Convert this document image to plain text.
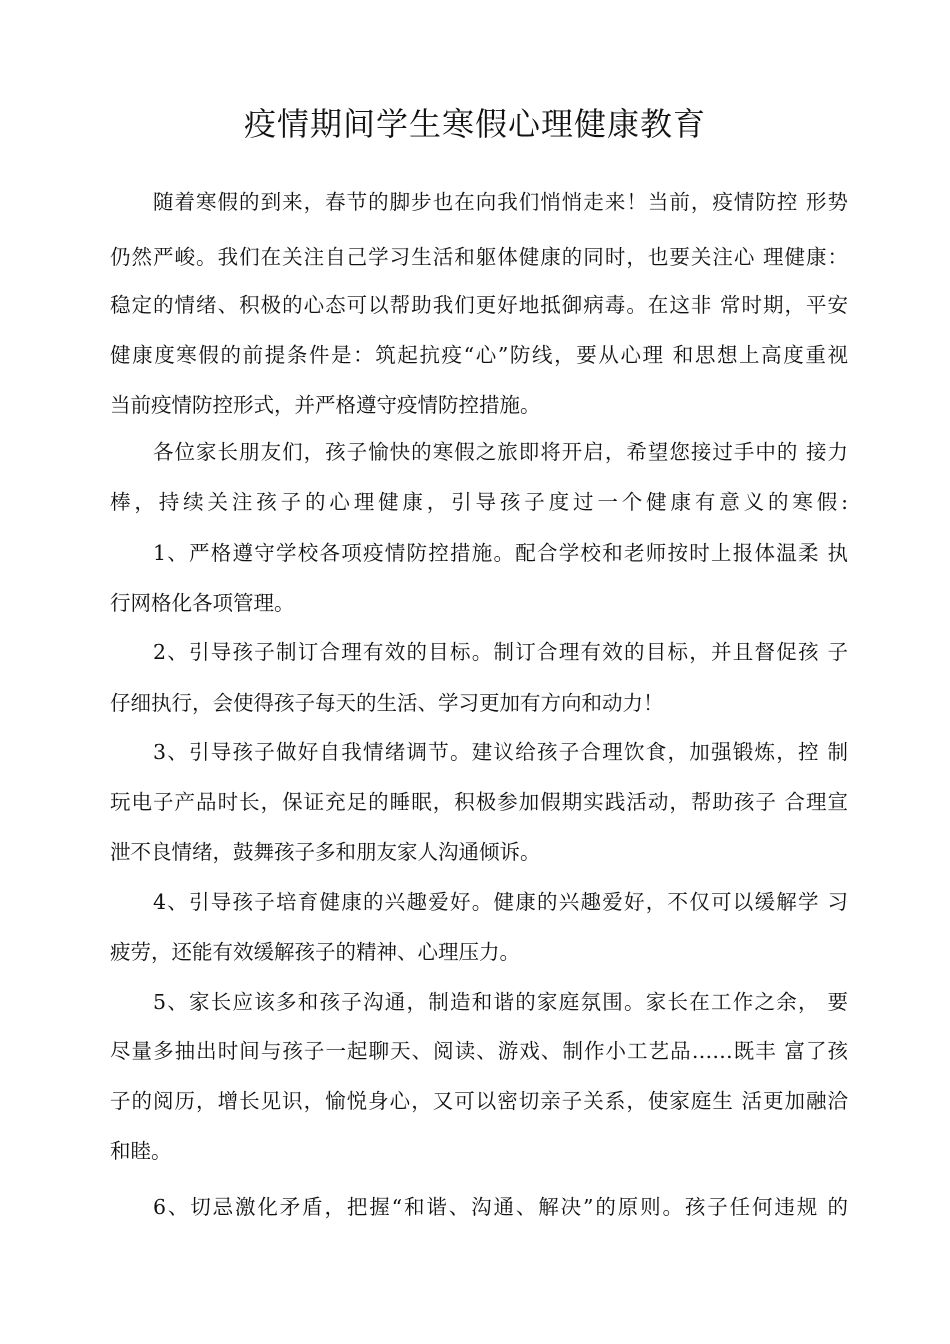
疫情期间学生寒假心理健康教育
随着寒假的到来，春节的脚步也在向我们悄悄走来！当前，疫情防控 形势
仍然严峻。我们在关注自己学习生活和躯体健康的同时，也要关注心 理健康：
稳定的情绪、积极的心态可以帮助我们更好地抵御病毒。在这非 常时期，平安
健康度寒假的前提条件是：筑起抗疫“心”防线，要从心理 和思想上高度重视
当前疫情防控形式，并严格遵守疫情防控措施。
各位家长朋友们，孩子愉快的寒假之旅即将开启，希望您接过手中的 接力
棒，持续关注孩子的心理健康，引导孩子度过一个健康有意义的寒假:
1、严格遵守学校各项疫情防控措施。配合学校和老师按时上报体温柔 执
行网格化各项管理。
2、引导孩子制订合理有效的目标。制订合理有效的目标，并且督促孩 子
仔细执行，会使得孩子每天的生活、学习更加有方向和动力！
3、引导孩子做好自我情绪调节。建议给孩子合理饮食，加强锻炼，控 制
玩电子产品时长，保证充足的睡眠，积极参加假期实践活动，帮助孩子 合理宣
泄不良情绪，鼓舞孩子多和朋友家人沟通倾诉。
4、引导孩子培育健康的兴趣爱好。健康的兴趣爱好，不仅可以缓解学 习
疲劳，还能有效缓解孩子的精神、心理压力。
5、家长应该多和孩子沟通，制造和谐的家庭氛围。家长在工作之余， 要
尽量多抽出时间与孩子一起聊天、阅读、游戏、制作小工艺品……既丰 富了孩
子的阅历，增长见识，愉悦身心，又可以密切亲子关系，使家庭生 活更加融洽
和睦。
6、切忌激化矛盾，把握“和谐、沟通、解决”的原则。孩子任何违规 的
